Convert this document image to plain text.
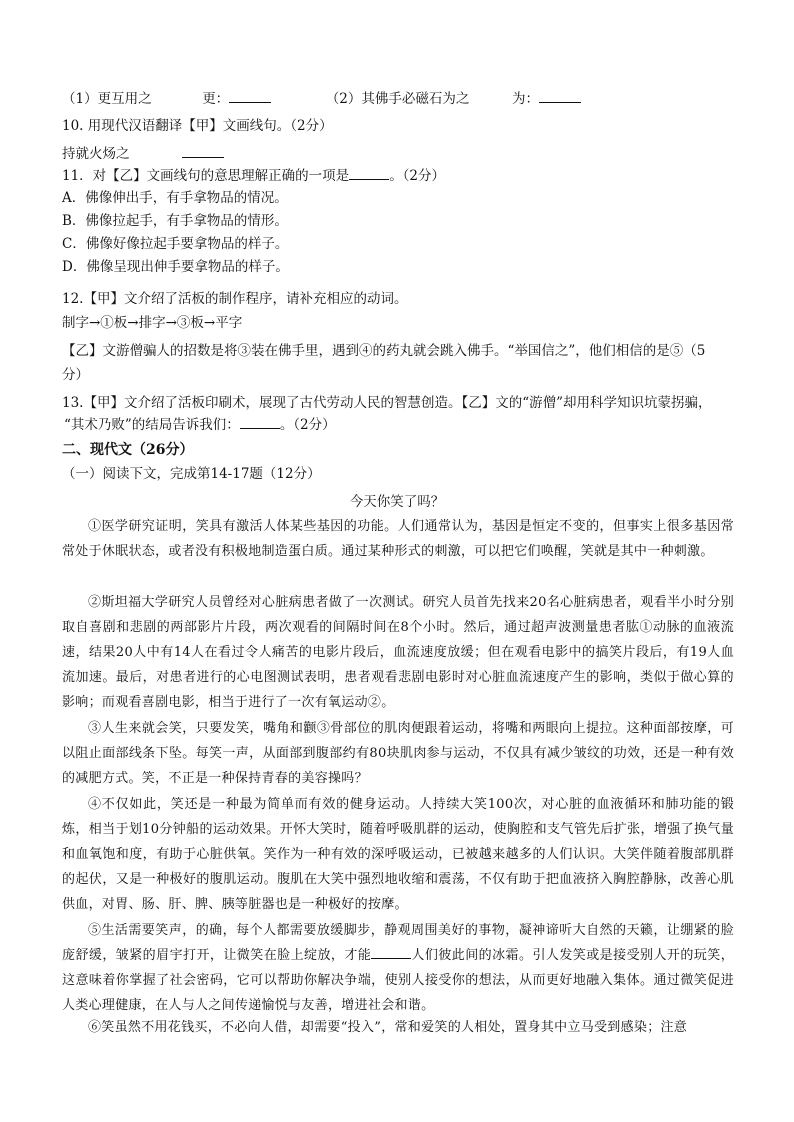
（1）更互用之	更：	（2）其佛手必磁石为之	为：
10. 用现代汉语翻译【甲】文画线句。（2分）
持就火炀之
11．对【乙】文画线句的意思理解正确的一项是	。（2分）
A．佛像伸出手，有手拿物品的情况。
B．佛像拉起手，有手拿物品的情形。
C．佛像好像拉起手要拿物品的样子。
D．佛像呈现出伸手要拿物品的样子。
12.【甲】文介绍了活板的制作程序，请补充相应的动词。
制字→①板→排字→③板→平字
【乙】文游僧骗人的招数是将③装在佛手里，遇到④的药丸就会跳入佛手。“举国信之”，他们相信的是⑤（5
分）
13.【甲】文介绍了活板印刷术，展现了古代劳动人民的智慧创造。【乙】文的“游僧”却用科学知识坑蒙拐骗，
“其术乃败”的结局告诉我们：	。（2分）
二、现代文（26分）
（一）阅读下文，完成第14-17题（12分）
今天你笑了吗？
①医学研究证明，笑具有激活人体某些基因的功能。人们通常认为，基因是恒定不变的，但事实上很多基因常常处于休眠状态，或者没有积极地制造蛋白质。通过某种形式的刺激，可以把它们唤醒，笑就是其中一种刺激。
②斯坦福大学研究人员曾经对心脏病患者做了一次测试。研究人员首先找来20名心脏病患者，观看半小时分别取自喜剧和悲剧的两部影片片段，两次观看的间隔时间在8个小时。然后，通过超声波测量患者肱①动脉的血液流速，结果20人中有14人在看过令人痛苦的电影片段后，血流速度放缓；但在观看电影中的搞笑片段后，有19人血流加速。最后，对患者进行的心电图测试表明，患者观看悲剧电影时对心脏血流速度产生的影响，类似于做心算的影响；而观看喜剧电影，相当于进行了一次有氧运动②。
③人生来就会笑，只要发笑，嘴角和颧③骨部位的肌肉便跟着运动，将嘴和两眼向上提拉。这种面部按摩，可以阻止面部线条下坠。每笑一声，从面部到腹部约有80块肌肉参与运动，不仅具有减少皱纹的功效，还是一种有效的减肥方式。笑，不正是一种保持青春的美容操吗？
④不仅如此，笑还是一种最为简单而有效的健身运动。人持续大笑100次，对心脏的血液循环和肺功能的锻炼，相当于划10分钟船的运动效果。开怀大笑时，随着呼吸肌群的运动，使胸腔和支气管先后扩张，增强了换气量和血氧饱和度，有助于心脏供氧。笑作为一种有效的深呼吸运动，已被越来越多的人们认识。大笑伴随着腹部肌群的起伏，又是一种极好的腹肌运动。腹肌在大笑中强烈地收缩和震荡，不仅有助于把血液挤入胸腔静脉，改善心肌供血，对胃、肠、肝、脾、胰等脏器也是一种极好的按摩。
⑤生活需要笑声，的确，每个人都需要放缓脚步，静观周围美好的事物，凝神谛听大自然的天籁，让绷紧的脸庞舒缓，皱紧的眉宇打开，让微笑在脸上绽放，才能	人们彼此间的冰霜。引人发笑或是接受别人开的玩笑，这意味着你掌握了社会密码，它可以帮助你解决争端，使别人接受你的想法，从而更好地融入集体。通过微笑促进人类心理健康，在人与人之间传递愉悦与友善，增进社会和谐。
⑥笑虽然不用花钱买，不必向人借，却需要“投入”，常和爱笑的人相处，置身其中立马受到感染；注意
